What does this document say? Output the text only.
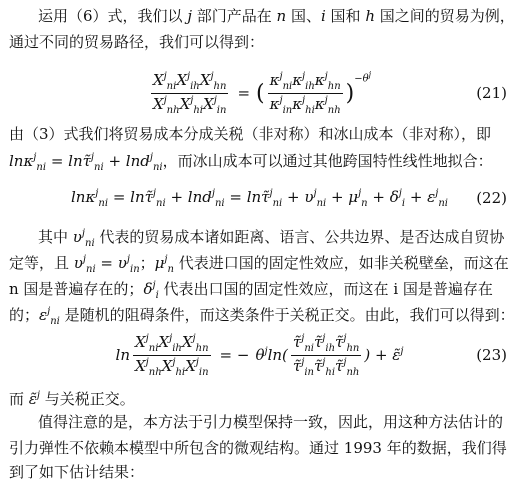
运用（6）式，我们以 j 部门产品在 n 国、i 国和 h 国之间的贸易为例，
通过不同的贸易路径，我们可以得到：
$\frac{X^j_{ni}X^j_{ih}X^j_{hn}}{X^j_{nh}X^j_{hi}X^j_{in}}$ = ( $\frac{\kappa^j_{ni}\kappa^j_{ih}\kappa^j_{hn}}{\kappa^j_{in}\kappa^j_{hi}\kappa^j_{nh}}$ )
$^{-\theta^j}$
(21)
由（3）式我们将贸易成本分成关税（非对称）和冰山成本（非对称），即
lnκ$^j_{ni}$ = lnτ̃$^j_{ni}$ + lnd$^j_{ni}$，而冰山成本可以通过其他跨国特性线性地拟合：
lnκ$^j_{ni}$ = lnτ̃$^j_{ni}$ + lnd$^j_{ni}$ = lnτ̃$^j_{ni}$ + $\upsilon^j_{ni} + \mu^j_n + \delta^j_i + \varepsilon^j_{ni}$ (22)
其中 $\upsilon^j_{ni}$ 代表的贸易成本诸如距离、语言、公共边界、是否达成自贸协
定等，且 $\upsilon^j_{ni} = \upsilon^j_{in}$；$\mu^j_n$ 代表进口国的固定性效应，如非关税壁垒，而这在
n 国是普遍存在的；$\delta^j_i$ 代表出口国的固定性效应，而这在 i 国是普遍存在
的；$\varepsilon^j_{ni}$ 是随机的阻碍条件，而这类条件于关税正交。由此，我们可以得到：
$\ln \frac{X^j_{ni}X^j_{ih}X^j_{hn}}{X^j_{nh}X^j_{hi}X^j_{in}}$ = − $\theta^j\ln( \frac{\taũ^j_{ni}\taũ^j_{ih}\taũ^j_{hn}}{\taũ^j_{in}\taũ^j_{hi}\taũ^j_{nh}}$ ) + ε̃$^j$	(23)
而 ε̃$^j$ 与关税正交。
值得注意的是，本方法于引力模型保持一致，因此，用这种方法估计的
引力弹性不依赖本模型中所包含的微观结构。通过 1993 年的数据，我们得
到了如下估计结果：
